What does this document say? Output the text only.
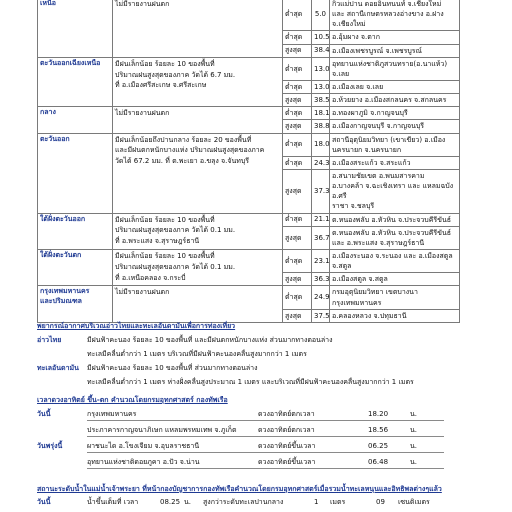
เหนือ	ไม่มีรายงานฝนตก	ต่ำสุด	5.0	กิ่วแม่ปาน ดอยอินทนนท์ จ.เชียงใหม่
และ สถานีเกษตรหลวงอ่างขาง อ.ฝาง จ.เชียงใหม่

		ต่ำสุด	10.5	อ.อุ้มผาง จ.ตาก

		สูงสุด	38.4	อ.เมืองเพชรบูรณ์ จ.เพชรบูรณ์

ตะวันออกเฉียงเหนือ	มีฝนเล็กน้อย ร้อยละ 10 ของพื้นที่
ปริมาณฝนสูงสุดของภาค วัดได้ 6.7 มม.
ที่ อ.เมืองศรีสะเกษ จ.ศรีสะเกษ	ต่ำสุด	13.0	อุทยานแห่งชาติภูสวนทราย(อ.นาแห้ว) จ.เลย

		ต่ำสุด	13.0	อ.เมืองเลย จ.เลย

		สูงสุด	38.5	อ.ห้วยยาง อ.เมืองสกลนคร จ.สกลนคร

กลาง	ไม่มีรายงานฝนตก	ต่ำสุด	18.1	อ.ทองผาภูมิ จ.กาญจนบุรี

		สูงสุด	38.8	อ.เมืองกาญจนบุรี จ.กาญจนบุรี

ตะวันออก	มีฝนเล็กน้อยถึงปานกลาง ร้อยละ 20 ของพื้นที่
และมีฝนตกหนักบางแห่ง ปริมาณฝนสูงสุดของภาค
วัดได้ 67.2 มม. ที่ ต.พะเยา อ.ขลุง จ.จันทบุรี	ต่ำสุด	18.0	สถานีอุตุนิยมวิทยา (เขาเขียว) อ.เมืองนครนายก จ.นครนายก

		ต่ำสุด	24.3	อ.เมืองสระแก้ว จ.สระแก้ว

		สูงสุด	37.3	อ.สนามชัยเขต อ.พนมสารคาม อ.บางคล้า จ.ฉะเชิงเทรา และ แหลมฉบัง อ.ศรี
ราชา จ.ชลบุรี

ใต้ฝั่งตะวันออก	มีฝนเล็กน้อย ร้อยละ 10 ของพื้นที่
ปริมาณฝนสูงสุดของภาค วัดได้ 0.1 มม.
ที่ อ.พระแสง จ.สุราษฎร์ธานี	ต่ำสุด	21.1	ต.หนองพลับ อ.หัวหิน จ.ประจวบคีรีขันธ์

		สูงสุด	36.7	ต.หนองพลับ อ.หัวหิน จ.ประจวบคีรีขันธ์
และ อ.พระแสง จ.สุราษฎร์ธานี

ใต้ฝั่งตะวันตก	มีฝนเล็กน้อย ร้อยละ 10 ของพื้นที่
ปริมาณฝนสูงสุดของภาค วัดได้ 0.1 มม.
ที่ อ.เหนือคลอง จ.กระบี่	ต่ำสุด	23.1	อ.เมืองระนอง จ.ระนอง และ อ.เมืองสตูล จ.สตูล

		สูงสุด	36.3	อ.เมืองสตูล จ.สตูล

กรุงเทพมหานคร
และปริมณฑล	ไม่มีรายงานฝนตก	ต่ำสุด	24.9	กรมอุตุนิยมวิทยา เขตบางนา กรุงเทพมหานคร

		สูงสุด	37.5	อ.คลองหลวง จ.ปทุมธานี
พยากรณ์อากาศบริเวณอ่าวไทยและทะเลอันดามันเพื่อการท่องเที่ยว
อ่าวไทย	มีฝนฟ้าคะนอง ร้อยละ 10 ของพื้นที่ และมีฝนตกหนักบางแห่ง ส่วนมากทางตอนล่าง
ทะเลมีคลื่นต่ำกว่า 1 เมตร บริเวณที่มีฝนฟ้าคะนองคลื่นสูงมากกว่า 1 เมตร
ทะเลอันดามัน มีฝนฟ้าคะนอง ร้อยละ 10 ของพื้นที่ ส่วนมากทางตอนล่าง
ทะเลมีคลื่นต่ำกว่า 1 เมตร ห่างฝั่งคลื่นสูงประมาณ 1 เมตร และบริเวณที่มีฝนฟ้าคะนองคลื่นสูงมากกว่า 1 เมตร
เวลาดวงอาทิตย์ ขึ้น-ตก คำนวณโดยกรมอุทกศาสตร์ กองทัพเรือ
วันนี้	กรุงเทพมหานคร	ดวงอาทิตย์ตกเวลา	18.20	น.
ประภาคารกาญจนาภิเษก แหลมพรหมเทพ จ.ภูเก็ต	ดวงอาทิตย์ตกเวลา	18.56	น.
วันพรุ่งนี้	ผาชนะได อ.โขงเจียม จ.อุบลราชธานี	ดวงอาทิตย์ขึ้นเวลา	06.25	น.
อุทยานแห่งชาติดอยภูคา อ.ปัว จ.น่าน	ดวงอาทิตย์ขึ้นเวลา	06.48	น.
สถานะระดับน้ำในแม่น้ำเจ้าพระยา ที่หน้ากองบัญชาการกองทัพเรือคำนวณโดยกรมอุทกศาสตร์เมื่อรวมน้ำทะเลหนุนและอิทธิพลต่างๆแล้ว
วันนี้	น้ำขึ้นเต็มที่ เวลา	08.25 น. สูงกว่าระดับทะเลปานกลาง	1 เมตร	09 เซนติเมตร
